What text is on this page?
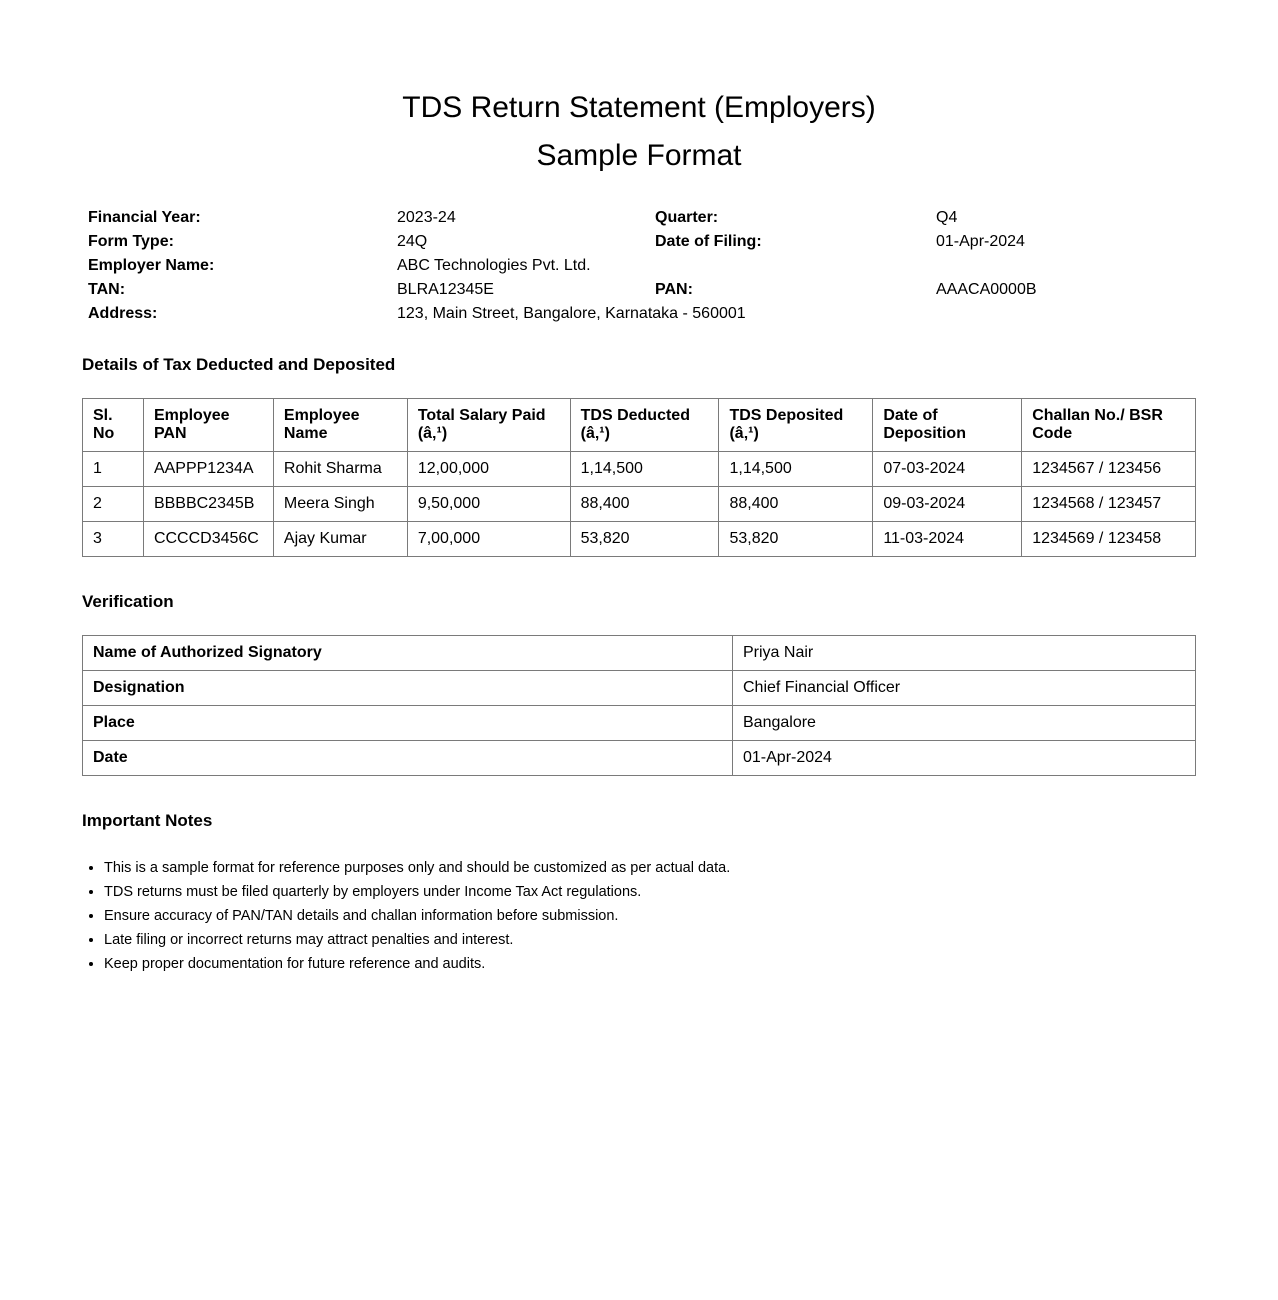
TDS Return Statement (Employers)
Sample Format
Financial Year:	2023-24	Quarter:	Q4
Form Type:	24Q	Date of Filing:	01-Apr-2024
Employer Name:	ABC Technologies Pvt. Ltd.		
TAN:	BLRA12345E	PAN:	AAACA0000B
Address:	123, Main Street, Bangalore, Karnataka - 560001		
Details of Tax Deducted and Deposited
Sl. No	Employee PAN	Employee Name	Total Salary Paid (â‚¹)	TDS Deducted (â‚¹)	TDS Deposited (â‚¹)	Date of Deposition	Challan No./ BSR Code
1	AAPPP1234A	Rohit Sharma	12,00,000	1,14,500	1,14,500	07-03-2024	1234567 / 123456
2	BBBBC2345B	Meera Singh	9,50,000	88,400	88,400	09-03-2024	1234568 / 123457
3	CCCCD3456C	Ajay Kumar	7,00,000	53,820	53,820	11-03-2024	1234569 / 123458
Verification
Name of Authorized Signatory	Priya Nair
Designation	Chief Financial Officer
Place	Bangalore
Date	01-Apr-2024
Important Notes
• This is a sample format for reference purposes only and should be customized as per actual data.
• TDS returns must be filed quarterly by employers under Income Tax Act regulations.
• Ensure accuracy of PAN/TAN details and challan information before submission.
• Late filing or incorrect returns may attract penalties and interest.
• Keep proper documentation for future reference and audits.
